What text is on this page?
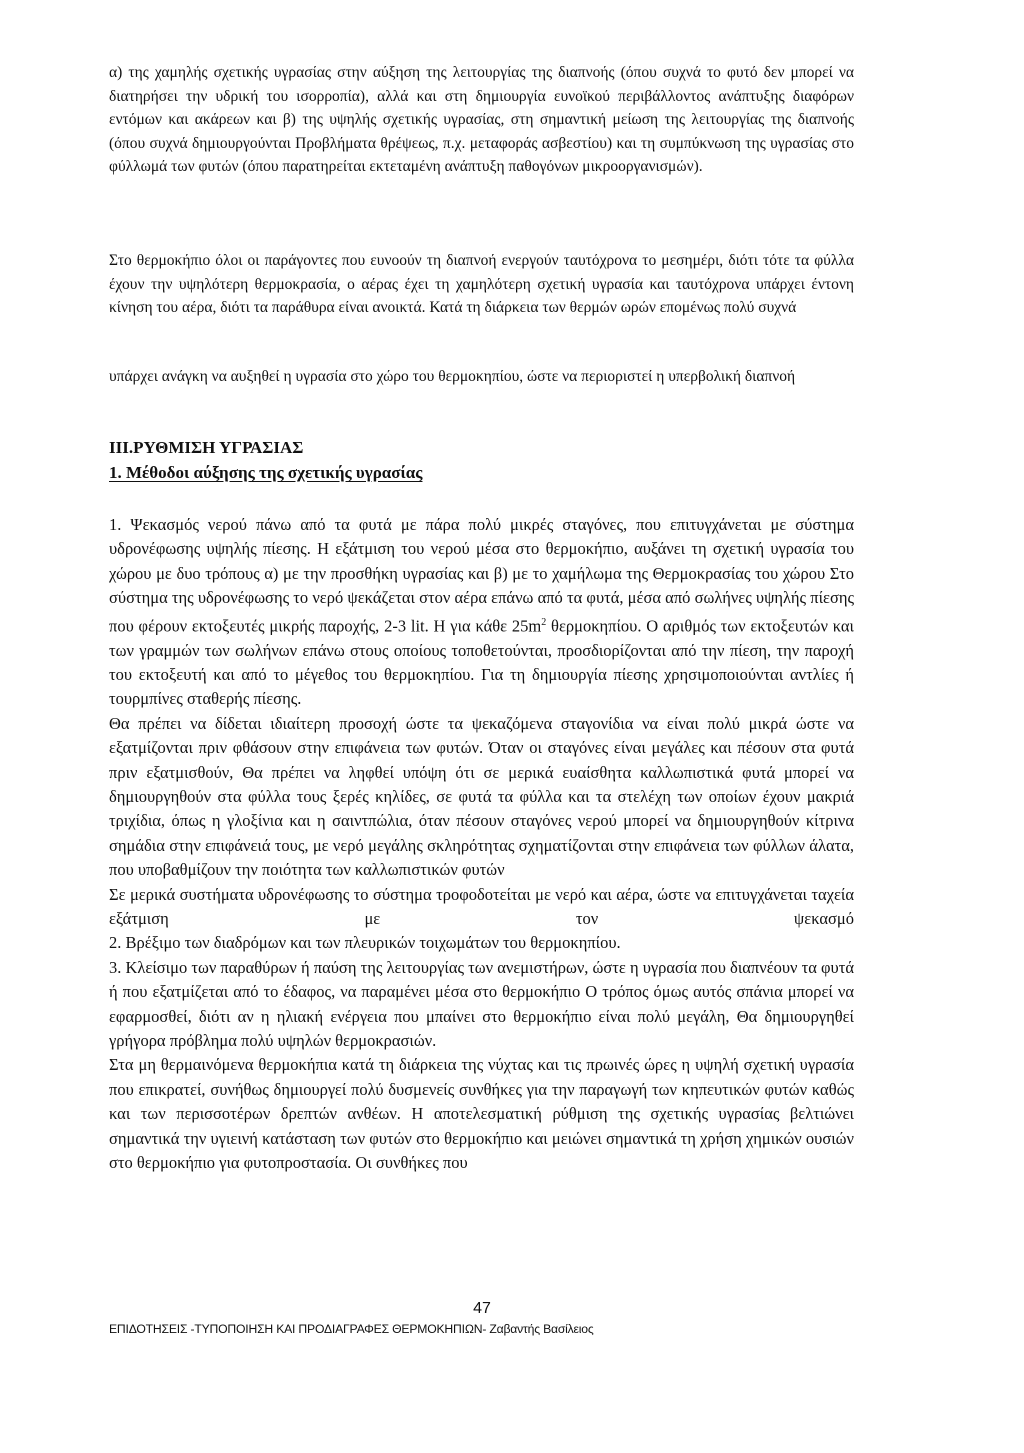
α) της χαμηλής σχετικής υγρασίας στην αύξηση της λειτουργίας της διαπνοής (όπου συχνά το φυτό δεν μπορεί να διατηρήσει την υδρική του ισορροπία), αλλά και στη δημιουργία ευνοϊκού περιβάλλοντος ανάπτυξης διαφόρων εντόμων και ακάρεων και β) της υψηλής σχετικής υγρασίας, στη σημαντική μείωση της λειτουργίας της διαπνοής (όπου συχνά δημιουργούνται Προβλήματα θρέψεως, π.χ. μεταφοράς ασβεστίου) και τη συμπύκνωση της υγρασίας στο φύλλωμά των φυτών (όπου παρατηρείται εκτεταμένη ανάπτυξη παθογόνων μικροοργανισμών).

Στο θερμοκήπιο όλοι οι παράγοντες που ευνοούν τη διαπνοή ενεργούν ταυτόχρονα το μεσημέρι, διότι τότε τα φύλλα έχουν την υψηλότερη θερμοκρασία, ο αέρας έχει τη χαμηλότερη σχετική υγρασία και ταυτόχρονα υπάρχει έντονη κίνηση του αέρα, διότι τα παράθυρα είναι ανοικτά. Κατά τη διάρκεια των θερμών ωρών επομένως πολύ συχνά

υπάρχει ανάγκη να αυξηθεί η υγρασία στο χώρο του θερμοκηπίου, ώστε να περιοριστεί η υπερβολική διαπνοή

ΙΙΙ.ΡΥΘΜΙΣΗ ΥΓΡΑΣΙΑΣ

1. Μέθοδοι αύξησης της σχετικής υγρασίας

1. Ψεκασμός νερού πάνω από τα φυτά με πάρα πολύ μικρές σταγόνες, που επιτυγχάνεται με σύστημα υδρονέφωσης υψηλής πίεσης. Η εξάτμιση του νερού μέσα στο θερμοκήπιο, αυξάνει τη σχετική υγρασία του χώρου με δυο τρόπους α) με την προσθήκη υγρασίας και β) με το χαμήλωμα της Θερμοκρασίας του χώρου Στο σύστημα της υδρονέφωσης το νερό ψεκάζεται στον αέρα επάνω από τα φυτά, μέσα από σωλήνες υψηλής πίεσης που φέρουν εκτοξευτές μικρής παροχής, 2-3 lit. Η για κάθε $25m^2$ θερμοκηπίου. Ο αριθμός των εκτοξευτών και των γραμμών των σωλήνων επάνω στους οποίους τοποθετούνται, προσδιορίζονται από την πίεση, την παροχή του εκτοξευτή και από το μέγεθος του θερμοκηπίου. Για τη δημιουργία πίεσης χρησιμοποιούνται αντλίες ή τουρμπίνες σταθερής πίεσης.

Θα πρέπει να δίδεται ιδιαίτερη προσοχή ώστε τα ψεκαζόμενα σταγονίδια να είναι πολύ μικρά ώστε να εξατμίζονται πριν φθάσουν στην επιφάνεια των φυτών. Όταν οι σταγόνες είναι μεγάλες και πέσουν στα φυτά πριν εξατμισθούν, Θα πρέπει να ληφθεί υπόψη ότι σε μερικά ευαίσθητα καλλωπιστικά φυτά μπορεί να δημιουργηθούν στα φύλλα τους ξερές κηλίδες, σε φυτά τα φύλλα και τα στελέχη των οποίων έχουν μακριά τριχίδια, όπως η γλοξίνια και η σαιντπώλια, όταν πέσουν σταγόνες νερού μπορεί να δημιουργηθούν κίτρινα σημάδια στην επιφάνειά τους, με νερό μεγάλης σκληρότητας σχηματίζονται στην επιφάνεια των φύλλων άλατα, που υποβαθμίζουν την ποιότητα των καλλωπιστικών φυτών

Σε μερικά συστήματα υδρονέφωσης το σύστημα τροφοδοτείται με νερό και αέρα, ώστε να επιτυγχάνεται ταχεία εξάτμιση με τον ψεκασμό

2. Βρέξιμο των διαδρόμων και των πλευρικών τοιχωμάτων του θερμοκηπίου.

3. Κλείσιμο των παραθύρων ή παύση της λειτουργίας των ανεμιστήρων, ώστε η υγρασία που διαπνέουν τα φυτά ή που εξατμίζεται από το έδαφος, να παραμένει μέσα στο θερμοκήπιο Ο τρόπος όμως αυτός σπάνια μπορεί να εφαρμοσθεί, διότι αν η ηλιακή ενέργεια που μπαίνει στο θερμοκήπιο είναι πολύ μεγάλη, Θα δημιουργηθεί γρήγορα πρόβλημα πολύ υψηλών θερμοκρασιών.

Στα μη θερμαινόμενα θερμοκήπια κατά τη διάρκεια της νύχτας και τις πρωινές ώρες η υψηλή σχετική υγρασία που επικρατεί, συνήθως δημιουργεί πολύ δυσμενείς συνθήκες για την παραγωγή των κηπευτικών φυτών καθώς και των περισσοτέρων δρεπτών ανθέων. Η αποτελεσματική ρύθμιση της σχετικής υγρασίας βελτιώνει σημαντικά την υγιεινή κατάσταση των φυτών στο θερμοκήπιο και μειώνει σημαντικά τη χρήση χημικών ουσιών στο θερμοκήπιο για φυτοπροστασία. Οι συνθήκες που

47

ΕΠΙΔΟΤΗΣΕΙΣ -ΤΥΠΟΠΟΙΗΣΗ ΚΑΙ ΠΡΟΔΙΑΓΡΑΦΕΣ ΘΕΡΜΟΚΗΠΙΩΝ- Ζαβαντής Βασίλειος
